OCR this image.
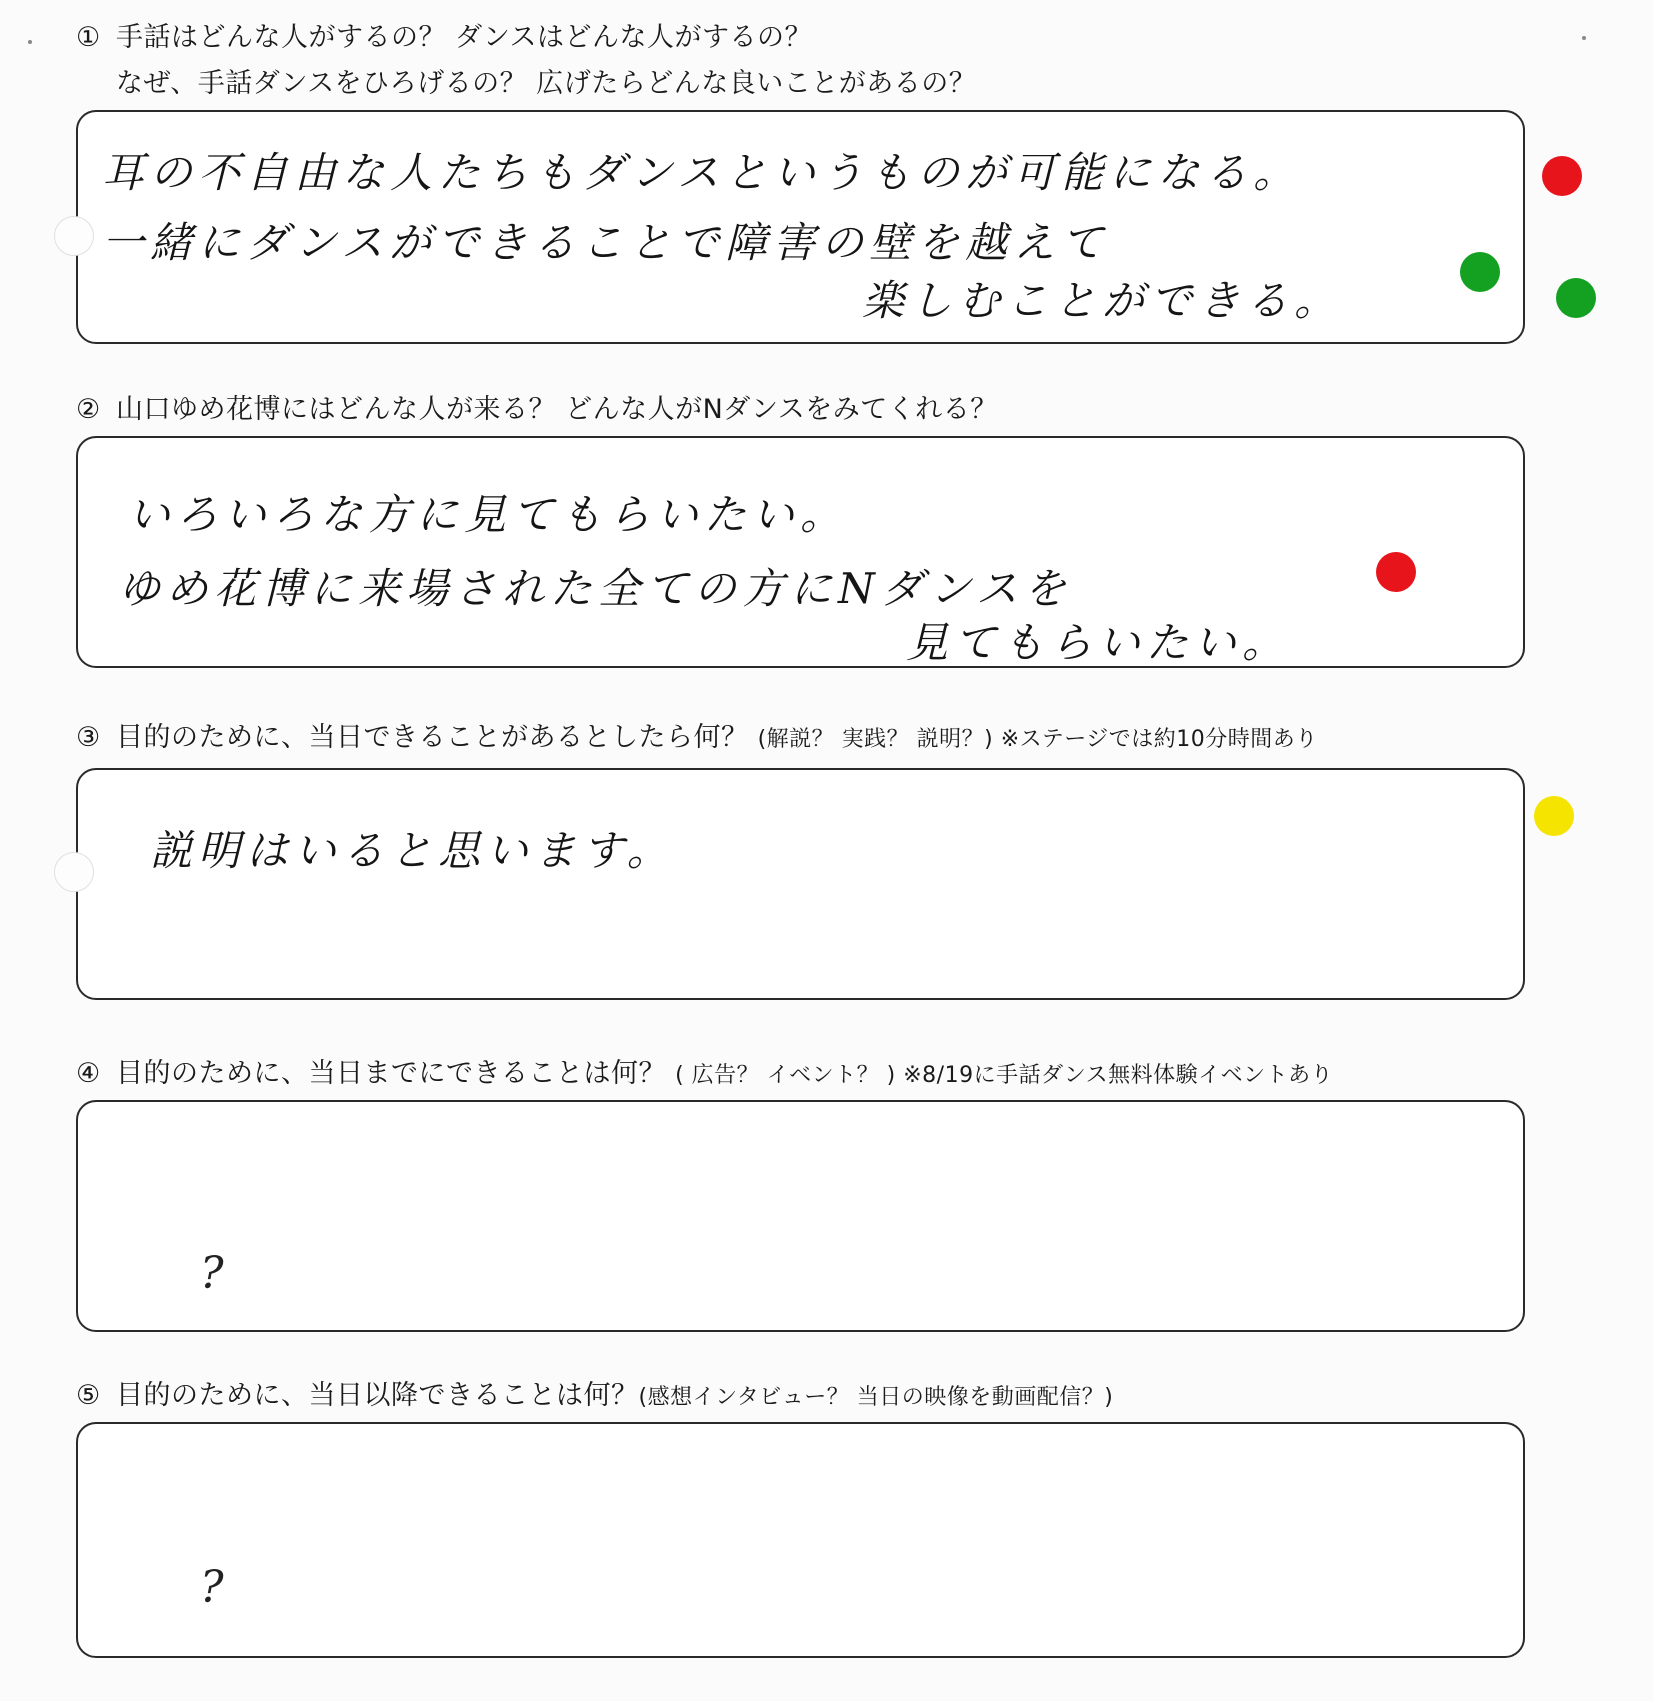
① 手話はどんな人がするの？ ダンスはどんな人がするの？
なぜ、手話ダンスをひろげるの？ 広げたらどんな良いことがあるの？
耳の不自由な人たちもダンスというものが可能になる。
一緒にダンスができることで障害の壁を越えて
楽しむことができる。
② 山口ゆめ花博にはどんな人が来る？ どんな人がNダンスをみてくれる？
いろいろな方に見てもらいたい。
ゆめ花博に来場された全ての方にNダンスを
見てもらいたい。
③ 目的のために、当日できることがあるとしたら何？ (解説？ 実践？ 説明？) ※ステージでは約10分時間あり
説明はいると思います。
④ 目的のために、当日までにできることは何？ ( 広告？ イベント？ ) ※8/19に手話ダンス無料体験イベントあり
?
⑤ 目的のために、当日以降できることは何？(感想インタビュー？ 当日の映像を動画配信？)
?
